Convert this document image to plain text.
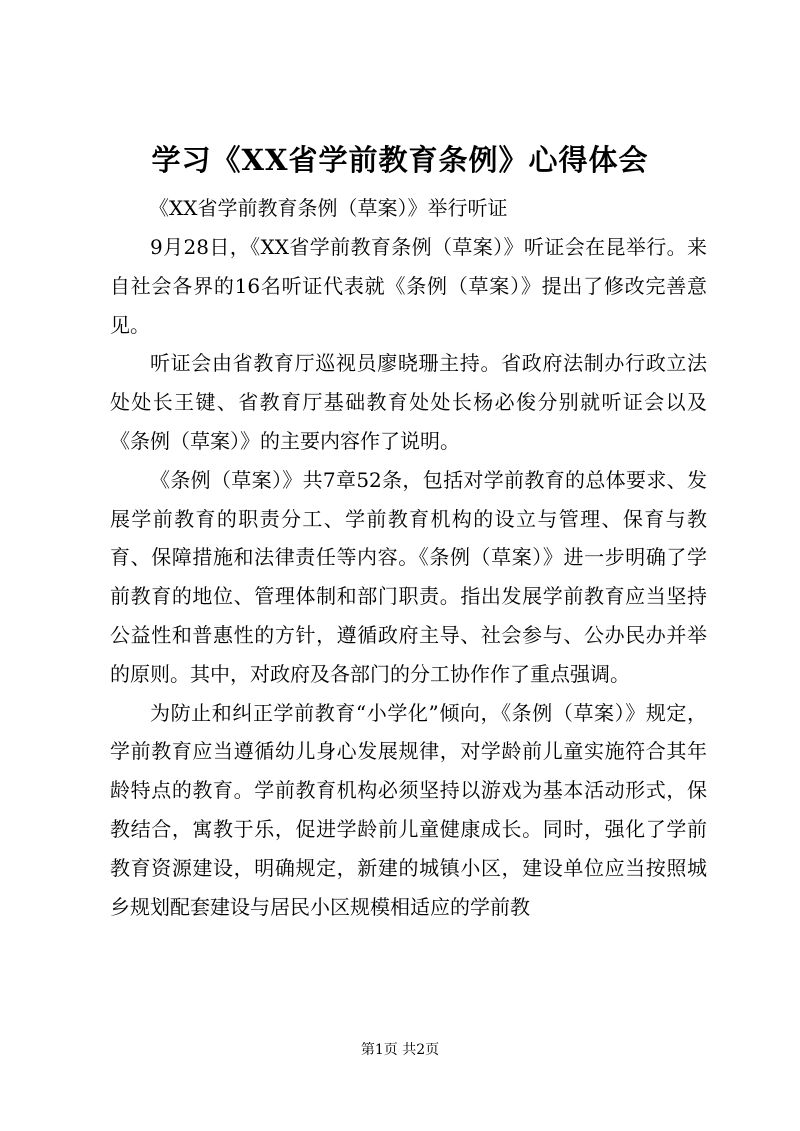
学习《XX省学前教育条例》心得体会
《XX省学前教育条例（草案）》举行听证

9月28日，《XX省学前教育条例（草案）》听证会在昆举行。来自社会各界的16名听证代表就《条例（草案）》提出了修改完善意见。

听证会由省教育厅巡视员廖晓珊主持。省政府法制办行政立法处处长王键、省教育厅基础教育处处长杨必俊分别就听证会以及《条例（草案）》的主要内容作了说明。

《条例（草案）》共7章52条，包括对学前教育的总体要求、发展学前教育的职责分工、学前教育机构的设立与管理、保育与教育、保障措施和法律责任等内容。《条例（草案）》进一步明确了学前教育的地位、管理体制和部门职责。指出发展学前教育应当坚持公益性和普惠性的方针，遵循政府主导、社会参与、公办民办并举的原则。其中，对政府及各部门的分工协作作了重点强调。

为防止和纠正学前教育“小学化”倾向，《条例（草案）》规定，学前教育应当遵循幼儿身心发展规律，对学龄前儿童实施符合其年龄特点的教育。学前教育机构必须坚持以游戏为基本活动形式，保教结合，寓教于乐，促进学龄前儿童健康成长。同时，强化了学前教育资源建设，明确规定，新建的城镇小区，建设单位应当按照城乡规划配套建设与居民小区规模相适应的学前教

第1页 共2页
